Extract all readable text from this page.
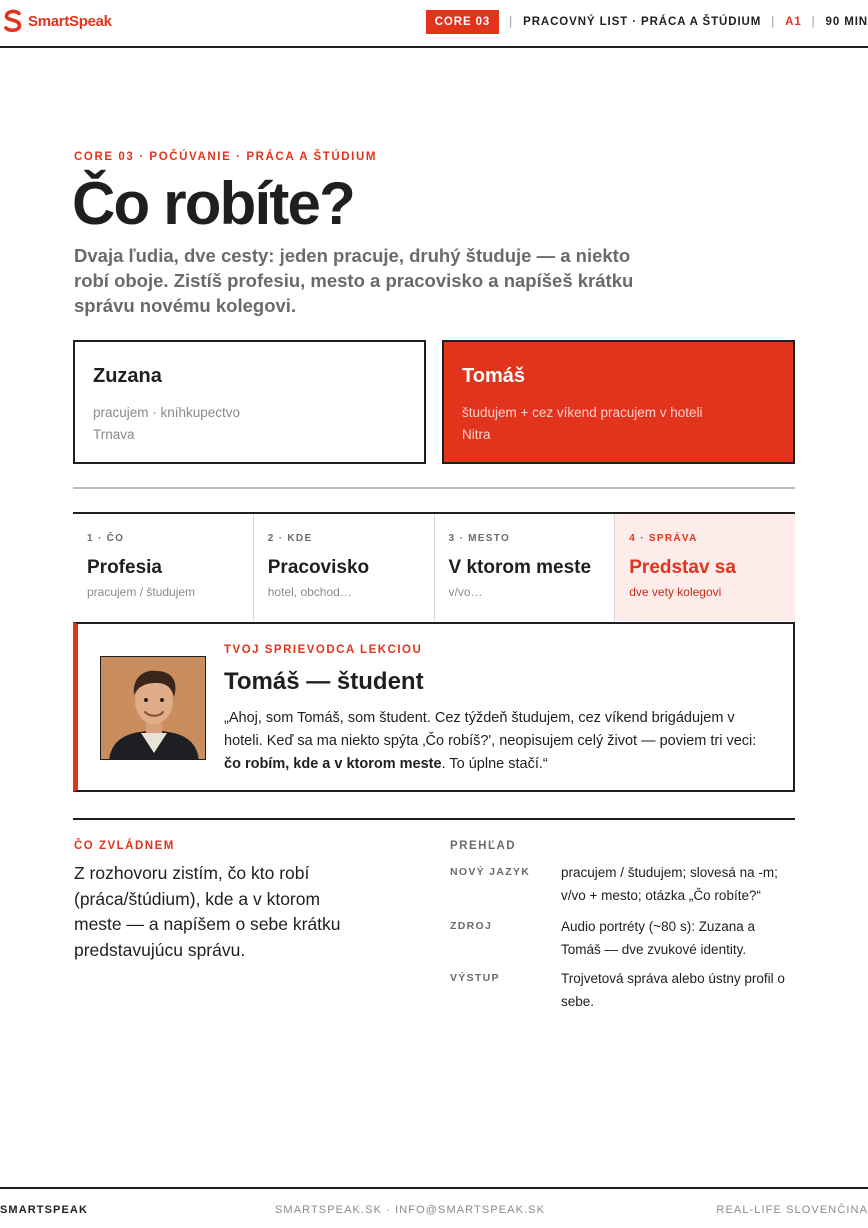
SmartSpeak	CORE 03	| PRACOVNÝ LIST · PRÁCA A ŠTÚDIUM | A1 | 90 MIN
CORE 03 · POČÚVANIE · PRÁCA A ŠTÚDIUM
Čo robíte?

Dvaja ľudia, dve cesty: jeden pracuje, druhý študuje — a niekto robí oboje. Zistíš profesiu, mesto a pracovisko a napíšeš krátku správu novému kolegovi.

Zuzana
pracujem · kníhkupectvo
Trnava
Tomáš
študujem + cez víkend pracujem v hoteli
Nitra
1 · ČO
Profesia
pracujem / študujem
2 · KDE
Pracovisko
hotel, obchod…
3 · MESTO
V ktorom meste
v/vo…
4 · SPRÁVA
Predstav sa
dve vety kolegovi
TVOJ SPRIEVODCA LEKCIOU
Tomáš — študent

„Ahoj, som Tomáš, som študent. Cez týždeň študujem, cez víkend brigádujem v hoteli. Keď sa ma niekto spýta ‚Čo robíš?', neopisujem celý život — poviem tri veci: čo robím, kde a v ktorom meste. To úplne stačí.“

ČO ZVLÁDNEM

Z rozhovoru zistím, čo kto robí (práca/štúdium), kde a v ktorom meste — a napíšem o sebe krátku predstavujúcu správu.

PREHĽAD
NOVÝ JAZYK pracujem / študujem; slovesá na -m; v/vo + mesto; otázka „Čo robíte?“
ZDROJ	Audio portréty (~80 s): Zuzana a Tomáš — dve zvukové identity.
VÝSTUP	Trojvetová správa alebo ústny profil o sebe.
SMARTSPEAK	SMARTSPEAK.SK · INFO@SMARTSPEAK.SK	REAL-LIFE SLOVENČINA
